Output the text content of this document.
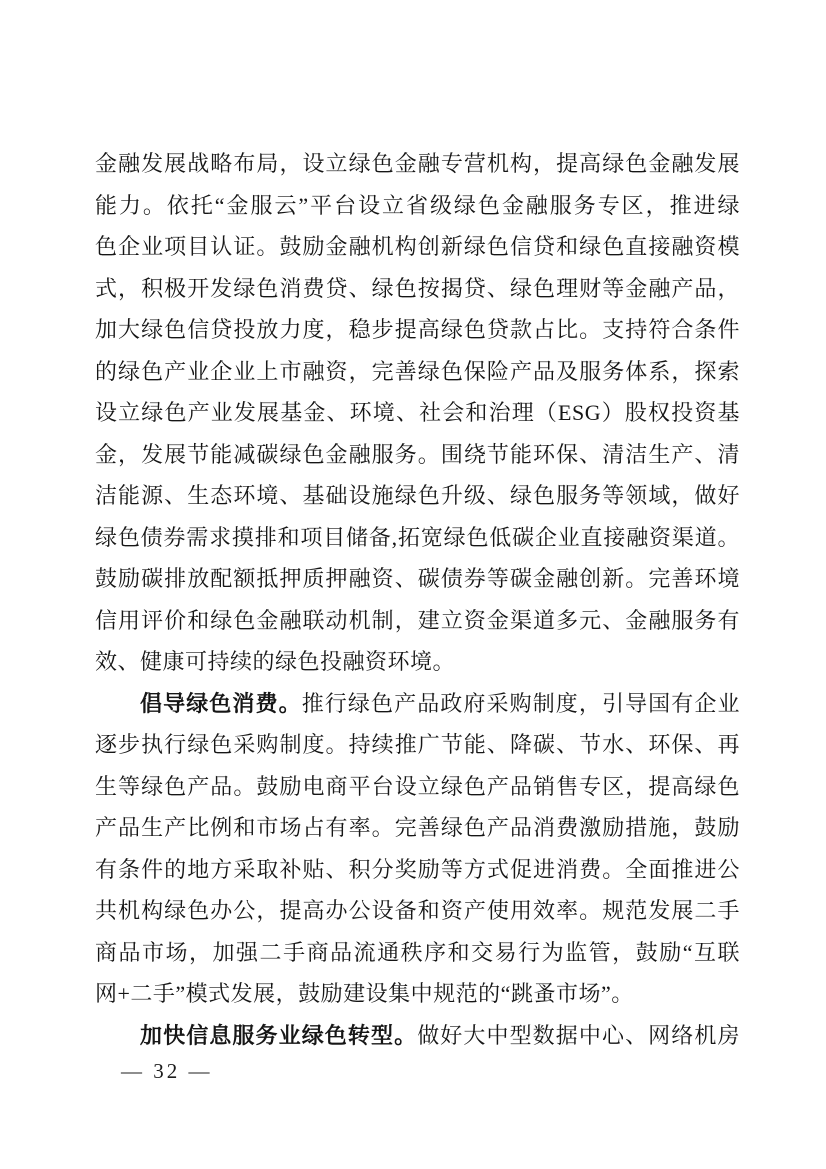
金融发展战略布局，设立绿色金融专营机构，提高绿色金融发展
能力。依托“金服云”平台设立省级绿色金融服务专区，推进绿
色企业项目认证。鼓励金融机构创新绿色信贷和绿色直接融资模
式，积极开发绿色消费贷、绿色按揭贷、绿色理财等金融产品，
加大绿色信贷投放力度，稳步提高绿色贷款占比。支持符合条件
的绿色产业企业上市融资，完善绿色保险产品及服务体系，探索
设立绿色产业发展基金、环境、社会和治理（ESG）股权投资基
金，发展节能减碳绿色金融服务。围绕节能环保、清洁生产、清
洁能源、生态环境、基础设施绿色升级、绿色服务等领域，做好
绿色债券需求摸排和项目储备,拓宽绿色低碳企业直接融资渠道。
鼓励碳排放配额抵押质押融资、碳债券等碳金融创新。完善环境
信用评价和绿色金融联动机制，建立资金渠道多元、金融服务有
效、健康可持续的绿色投融资环境。
倡导绿色消费。推行绿色产品政府采购制度，引导国有企业
逐步执行绿色采购制度。持续推广节能、降碳、节水、环保、再
生等绿色产品。鼓励电商平台设立绿色产品销售专区，提高绿色
产品生产比例和市场占有率。完善绿色产品消费激励措施，鼓励
有条件的地方采取补贴、积分奖励等方式促进消费。全面推进公
共机构绿色办公，提高办公设备和资产使用效率。规范发展二手
商品市场，加强二手商品流通秩序和交易行为监管，鼓励“互联
网+二手”模式发展，鼓励建设集中规范的“跳蚤市场”。
加快信息服务业绿色转型。做好大中型数据中心、网络机房
— 32 —
